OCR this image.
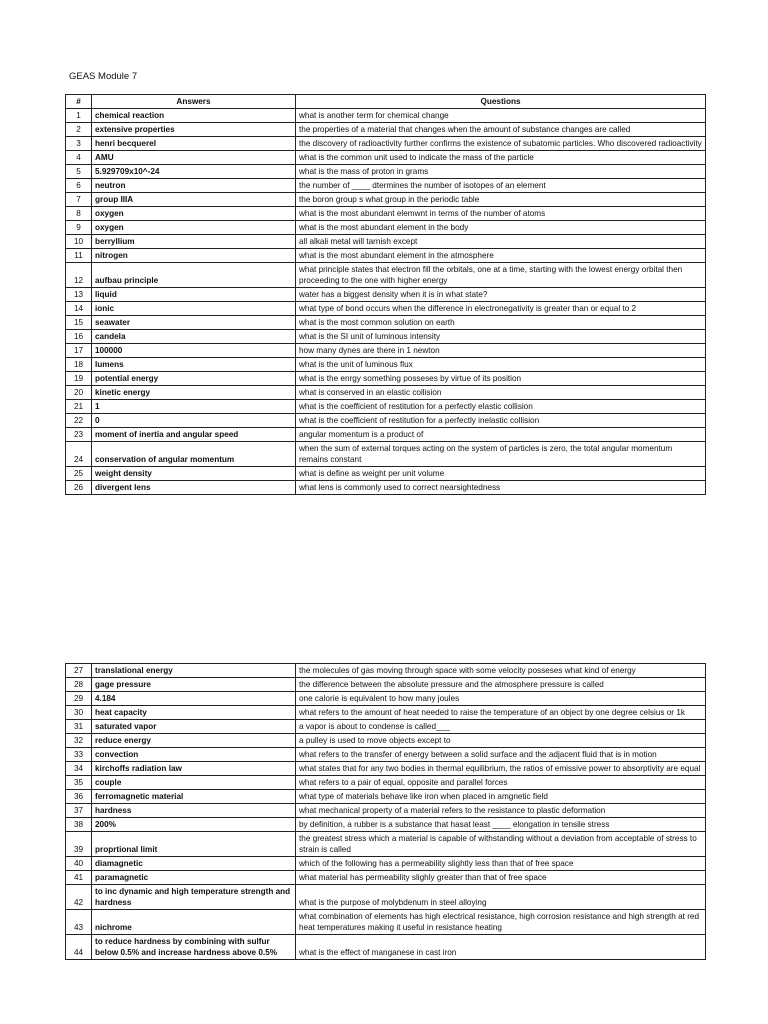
GEAS Module 7
#	Answers	Questions
1	chemical reaction	what is another term for chemical change
2	extensive properties	the properties of a material that changes when the amount of substance changes are called
3	henri becquerel	the discovery of radioactivity further confirms the existence of subatomic particles. Who discovered radioactivity
4	AMU	what is the common unit used to indicate the mass of the particle
5	5.929709x10^-24	what is the mass of proton in grams
6	neutron	the number of ____ dtermines the number of isotopes of an element
7	group IIIA	the boron group s what group in the periodic table
8	oxygen	what is the most abundant elemwnt in terms of the number of atoms
9	oxygen	what is the most abundant element in the body
10	berryllium	all alkali metal will tarnish except
11	nitrogen	what is the most abundant element in the atmosphere
12	aufbau principle	what principle states that electron fill the orbitals, one at a time, starting with the lowest energy orbital then proceeding to the one with higher energy
13	liquid	water has a biggest density when it is in what state?
14	ionic	what type of bond occurs when the difference in electronegativity is greater than or equal to 2
15	seawater	what is the most common solution on earth
16	candela	what is the SI unit of luminous intensity
17	100000	how many dynes are there in 1 newton
18	lumens	what is the unit of luminous flux
19	potential energy	what is the enrgy something posseses by virtue of its position
20	kinetic energy	what is conserved in an elastic collision
21	1	what is the coefficient of restitution for a perfectly elastic collision
22	0	what is the coefficient of restitution for a perfectly inelastic collision
23	moment of inertia and angular speed	angular momentum is a product of
24	conservation of angular momentum	when the sum of external torques acting on the system of particles is zero, the total angular momentum remains constant
25	weight density	what is define as weight per unit volume
26	divergent lens	what lens is commonly used to correct nearsightedness
27	translational energy	the molecules of gas moving through space with some velocity posseses what kind of energy
28	gage pressure	the difference between the absolute pressure and the atmosphere pressure is called
29	4.184	one calorie is equivalent to how many joules
30	heat capacity	what refers to the amount of heat needed to raise the temperature of an object by one degree celsius or 1k
31	saturated vapor	a vapor is about to condense is called___
32	reduce energy	a pulley is used to move objects except to
33	convection	what refers to the transfer of energy between a solid surface and the adjacent fluid that is in motion
34	kirchoffs radiation law	what states that for any two bodies in thermal equilibrium, the ratios of emissive power to absorptivity are equal
35	couple	what refers to a pair of equal, opposite and parallel forces
36	ferromagnetic material	what type of materials behave like iron when placed in amgnetic field
37	hardness	what mechanical property of a material refers to the resistance to plastic deformation
38	200%	by definition, a rubber is a substance that hasat least ____ elongation in tensile stress
39	proprtional limit	the greatest stress which a material is capable of withstanding without a deviation from acceptable of stress to strain is called
40	diamagnetic	which of the following has a permeability slightly less than that of free space
41	paramagnetic	what material has permeability slighly greater than that of free space
42	to inc dynamic and high temperature strength and hardness	what is the purpose of molybdenum in steel alloying
43	nichrome	what combination of elements has high electrical resistance, high corrosion resistance and high strength at red heat temperatures making it useful in resistance heating
44	to reduce hardness by combining with sulfur below 0.5% and increase hardness above 0.5%	what is the effect of manganese in cast iron
